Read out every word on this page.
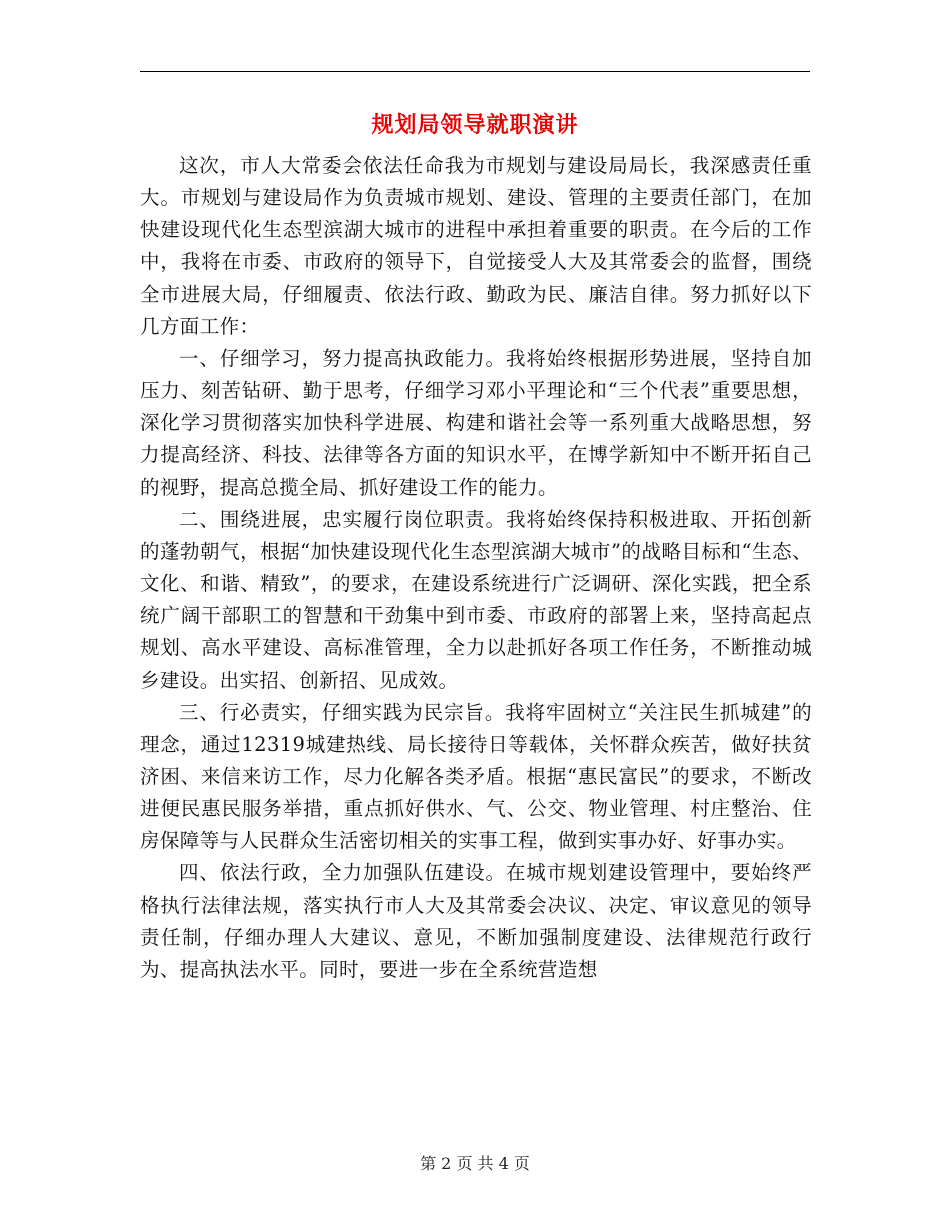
规划局领导就职演讲

这次，市人大常委会依法任命我为市规划与建设局局长，我深感责任重大。市规划与建设局作为负责城市规划、建设、管理的主要责任部门，在加快建设现代化生态型滨湖大城市的进程中承担着重要的职责。在今后的工作中，我将在市委、市政府的领导下，自觉接受人大及其常委会的监督，围绕全市进展大局，仔细履责、依法行政、勤政为民、廉洁自律。努力抓好以下几方面工作：

一、仔细学习，努力提高执政能力。我将始终根据形势进展，坚持自加压力、刻苦钻研、勤于思考，仔细学习邓小平理论和“三个代表”重要思想，深化学习贯彻落实加快科学进展、构建和谐社会等一系列重大战略思想，努力提高经济、科技、法律等各方面的知识水平，在博学新知中不断开拓自己的视野，提高总揽全局、抓好建设工作的能力。

二、围绕进展，忠实履行岗位职责。我将始终保持积极进取、开拓创新的蓬勃朝气，根据“加快建设现代化生态型滨湖大城市”的战略目标和“生态、文化、和谐、精致”，的要求，在建设系统进行广泛调研、深化实践，把全系统广阔干部职工的智慧和干劲集中到市委、市政府的部署上来，坚持高起点规划、高水平建设、高标准管理，全力以赴抓好各项工作任务，不断推动城乡建设。出实招、创新招、见成效。

三、行必责实，仔细实践为民宗旨。我将牢固树立“关注民生抓城建”的理念，通过12319城建热线、局长接待日等载体，关怀群众疾苦，做好扶贫济困、来信来访工作，尽力化解各类矛盾。根据“惠民富民”的要求，不断改进便民惠民服务举措，重点抓好供水、气、公交、物业管理、村庄整治、住房保障等与人民群众生活密切相关的实事工程，做到实事办好、好事办实。

四、依法行政，全力加强队伍建设。在城市规划建设管理中，要始终严格执行法律法规，落实执行市人大及其常委会决议、决定、审议意见的领导责任制，仔细办理人大建议、意见，不断加强制度建设、法律规范行政行为、提高执法水平。同时，要进一步在全系统营造想

第 2 页 共 4 页
